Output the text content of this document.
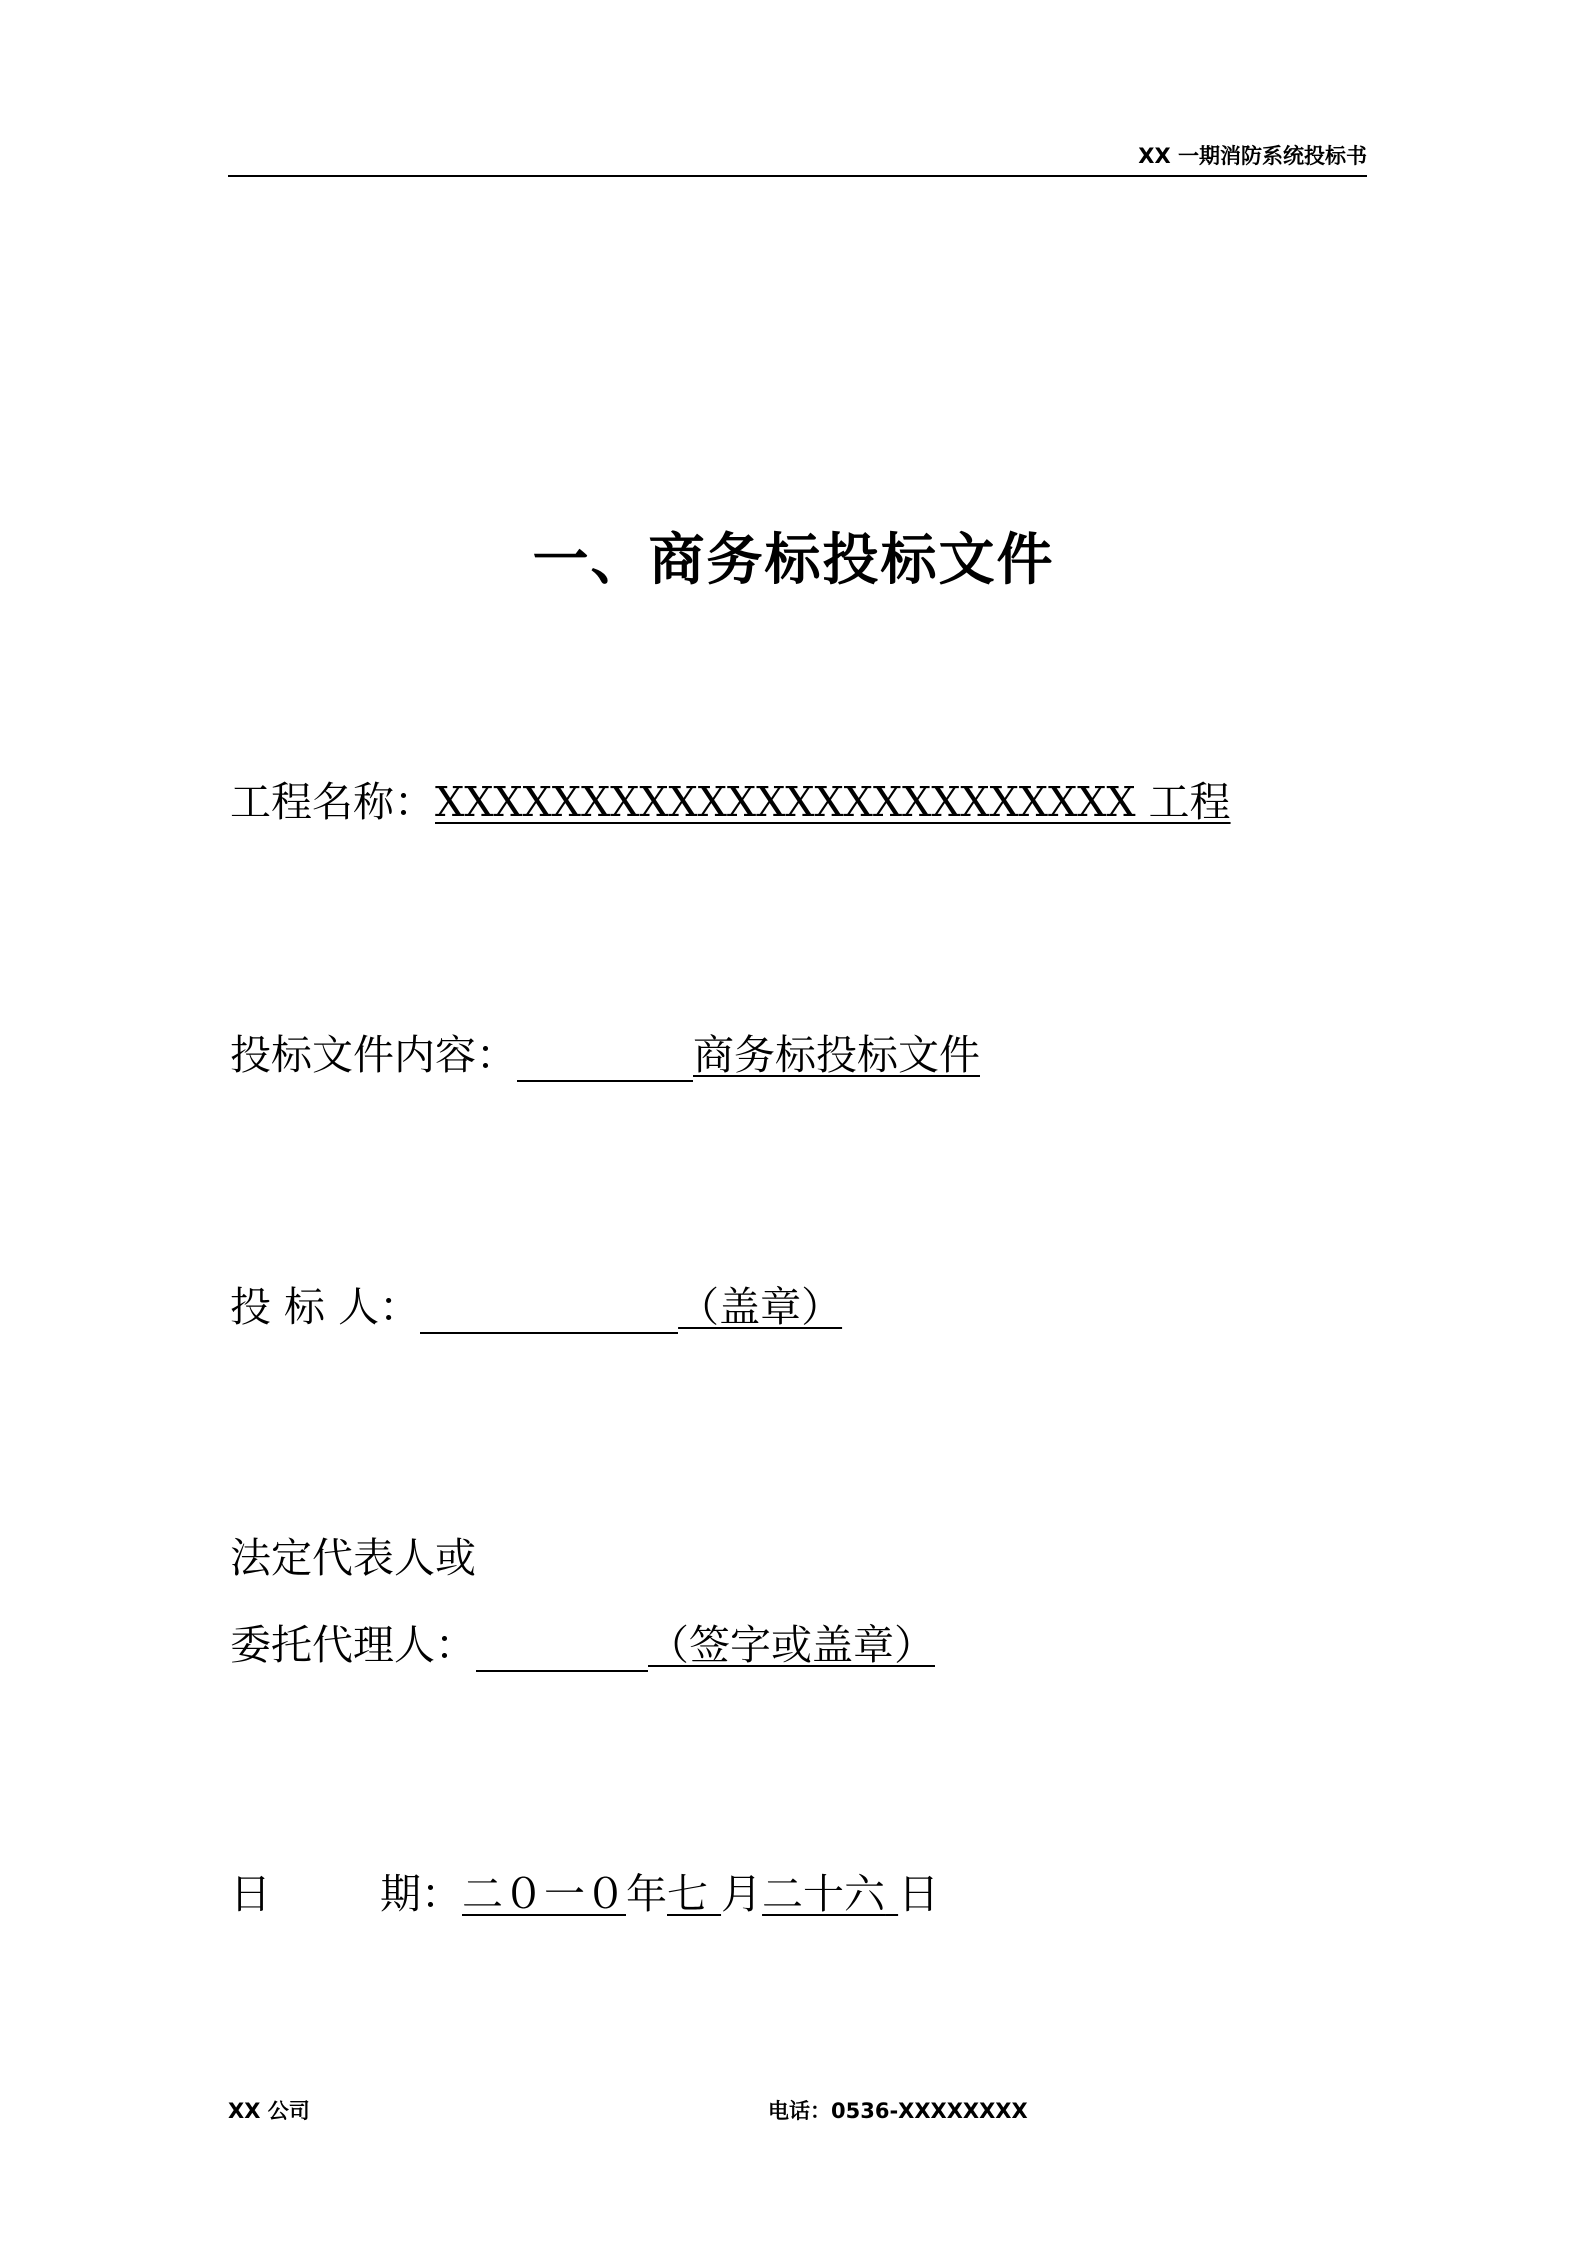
XX 一期消防系统投标书
一、商务标投标文件
工程名称：XXXXXXXXXXXXXXXXXXXXXXXX 工程
投标文件内容：	商务标投标文件
投 标 人：	（盖章）
法定代表人或
委托代理人：	（签字或盖章）
日	期：二０一０年七 月二十六 日
XX 公司	电话：0536-XXXXXXXX
